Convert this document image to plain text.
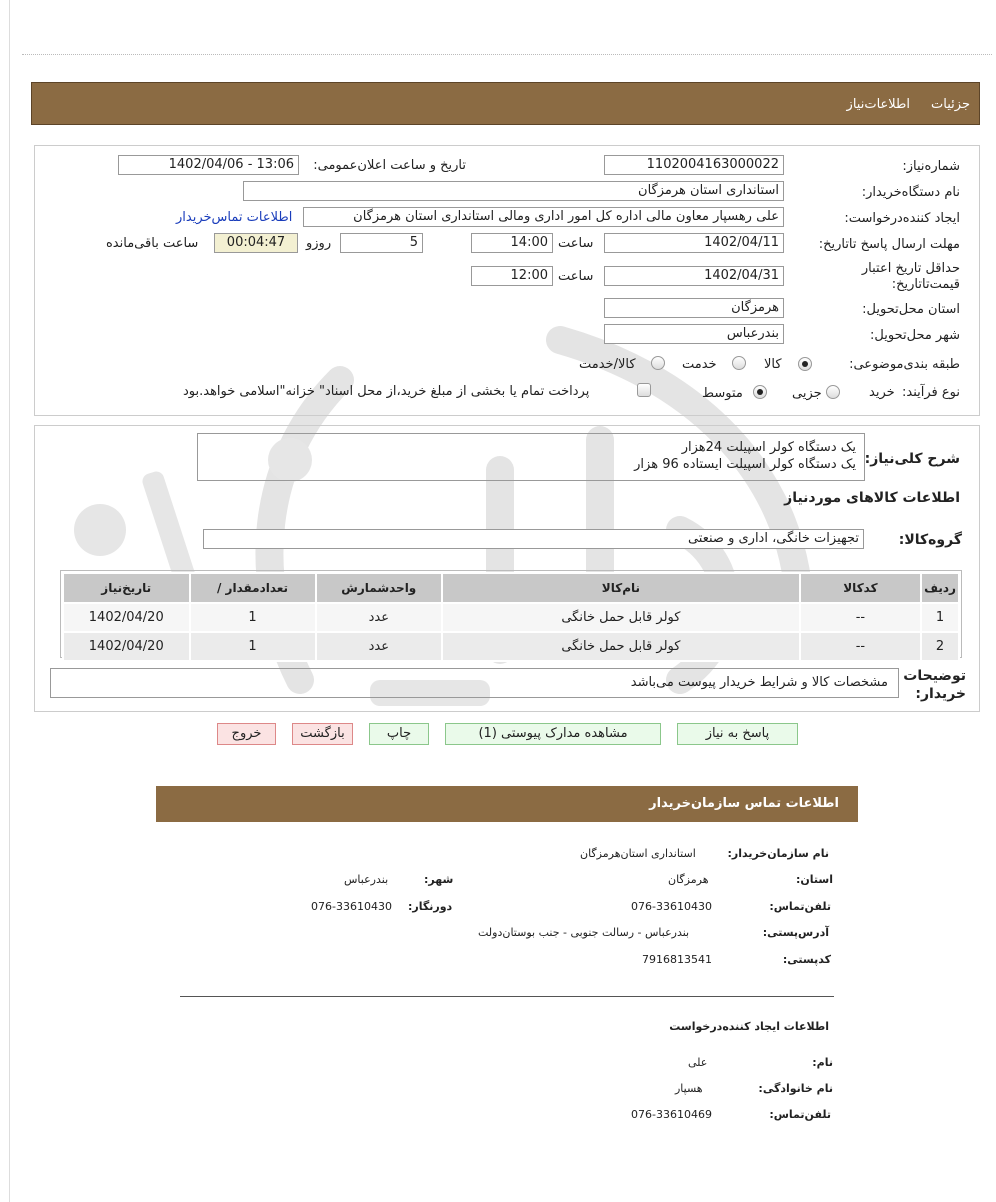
جزئیات
اطلاعات‌نیاز
شماره‌نیاز:
1102004163000022
تاریخ و ساعت اعلان‌عمومی:
1402/04/06 - 13:06
نام دستگاه‌خریدار:
استانداری استان هرمزگان
ایجاد کننده‌درخواست:
علی رهسپار معاون مالی اداره کل امور اداری ومالی استانداری استان هرمزگان
اطلاعات تماس‌خریدار
مهلت ارسال پاسخ تا‌تاریخ:
1402/04/11
ساعت
14:00
5
روزو
00:04:47
ساعت باقی‌مانده
حداقل تاریخ اعتبار قیمت‌تا‌تاریخ:
1402/04/31
ساعت
12:00
استان محل‌تحویل:
هرمزگان
شهر محل‌تحویل:
بندرعباس
طبقه بندی‌موضوعی:
کالا
خدمت
کالا/خدمت
نوع فرآیند:
خرید
جزیی
متوسط
پرداخت تمام یا بخشی از مبلغ خرید،از محل اسناد" خزانه"اسلامی خواهد.بود
شرح کلی‌نیاز:
یک دستگاه کولر اسپیلت 24هزار
یک دستگاه کولر اسپیلت ایستاده 96 هزار
اطلاعات کالاهای موردنیاز
گروه‌کالا:
تجهیزات خانگی، اداری و صنعتی
ردیف	کدکالا	نام‌کالا	واحدشمارش	تعدادمقدار /	تاریخ‌نیاز
1	--	کولر قابل حمل خانگی	عدد	1	1402/04/20
2	--	کولر قابل حمل خانگی	عدد	1	1402/04/20
توضیحات خریدار:
مشخصات کالا و شرایط خریدار پیوست می‌باشد
پاسخ به نیاز
مشاهده مدارک پیوستی (1)
چاپ
بازگشت
خروج
اطلاعات تماس سازمان‌خریدار
نام سازمان‌خریدار:
استانداری استان‌هرمزگان
استان:
هرمزگان
شهر:
بندرعباس
تلفن‌تماس:
076-33610430
دورنگار:
076-33610430
آدرس‌پستی:
بندرعباس - رسالت جنوبی - جنب بوستان‌دولت
کدپستی:
7916813541
اطلاعات ایجاد کننده‌درخواست
نام:
علی
نام خانوادگی:
هسپار
تلفن‌تماس:
076-33610469
